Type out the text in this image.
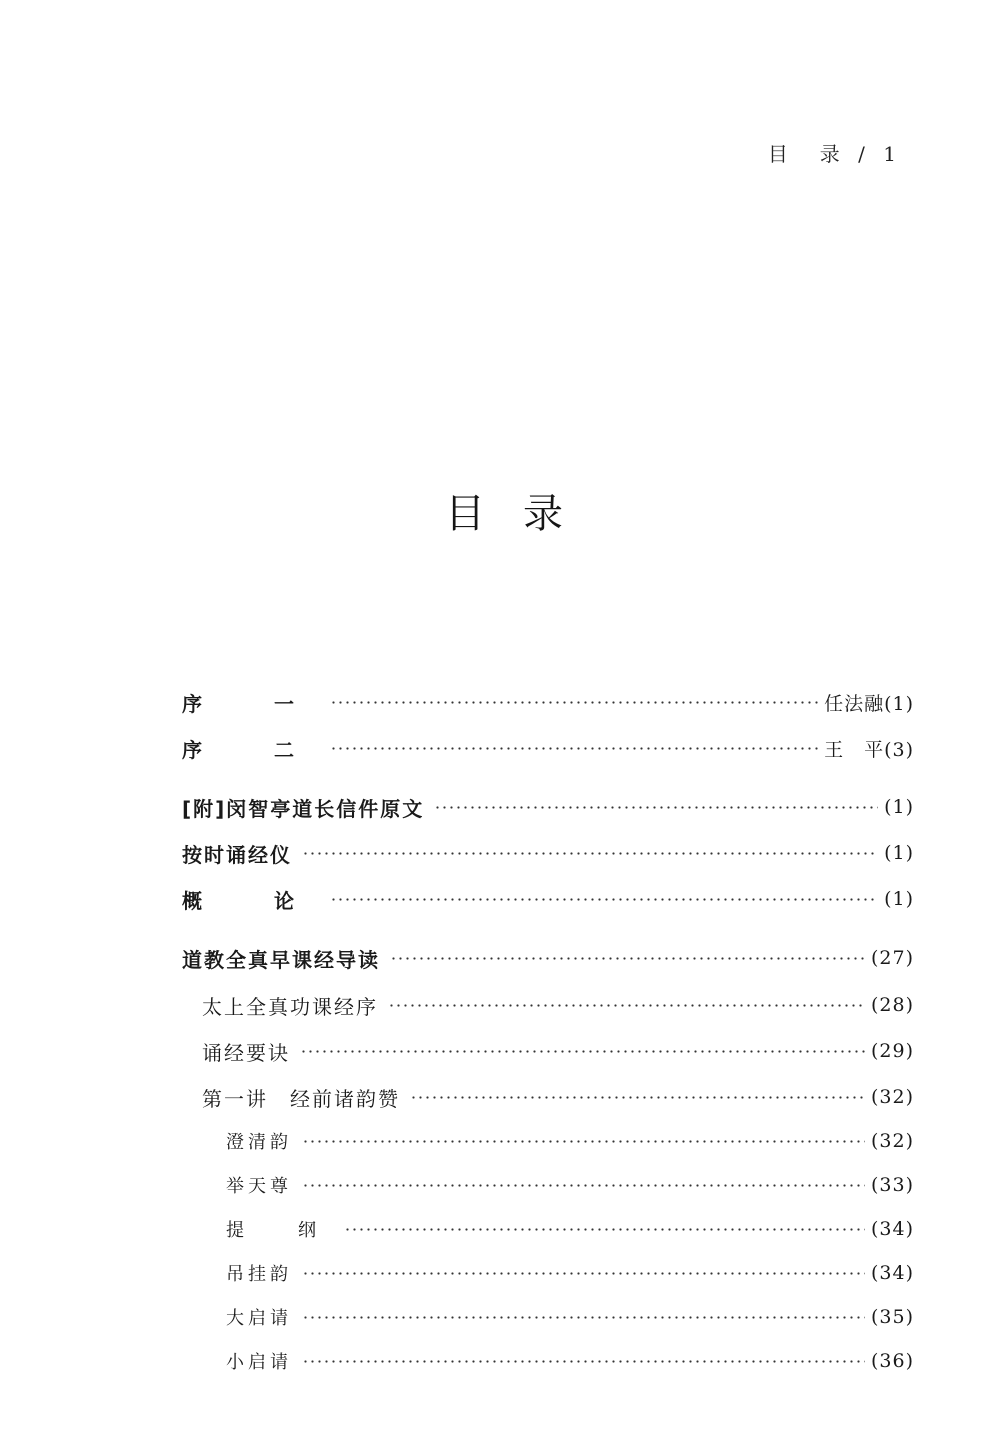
目　录 / 1
目录
序　一	任法融(1)
序　二	王　平(3)
[附]闵智亭道长信件原文	(1)
按时诵经仪	(1)
概　论	(1)
道教全真早课经导读	(27)
太上全真功课经序	(28)
诵经要诀	(29)
第一讲　经前诸韵赞	(32)
澄清韵	(32)
举天尊	(33)
提　纲	(34)
吊挂韵	(34)
大启请	(35)
小启请	(36)
